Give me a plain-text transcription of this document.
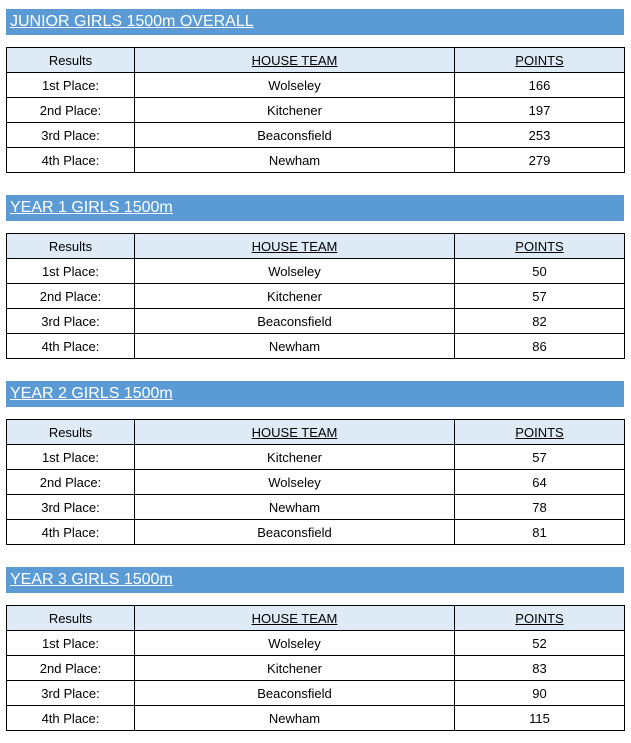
JUNIOR GIRLS 1500m OVERALL
Results	HOUSE TEAM	POINTS
1st Place:	Wolseley	166
2nd Place:	Kitchener	197
3rd Place:	Beaconsfield	253
4th Place:	Newham	279
YEAR 1 GIRLS 1500m
Results	HOUSE TEAM	POINTS
1st Place:	Wolseley	50
2nd Place:	Kitchener	57
3rd Place:	Beaconsfield	82
4th Place:	Newham	86
YEAR 2 GIRLS 1500m
Results	HOUSE TEAM	POINTS
1st Place:	Kitchener	57
2nd Place:	Wolseley	64
3rd Place:	Newham	78
4th Place:	Beaconsfield	81
YEAR 3 GIRLS 1500m
Results	HOUSE TEAM	POINTS
1st Place:	Wolseley	52
2nd Place:	Kitchener	83
3rd Place:	Beaconsfield	90
4th Place:	Newham	115
